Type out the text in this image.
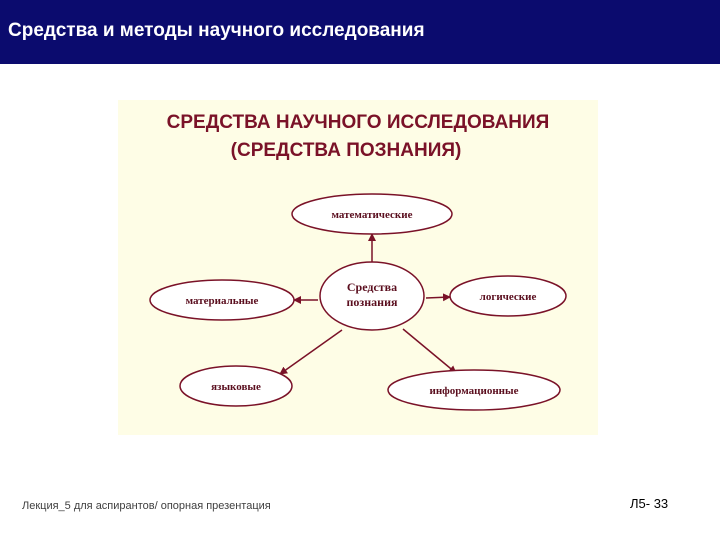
Средства и методы научного исследования
СРЕДСТВА НАУЧНОГО ИССЛЕДОВАНИЯ
(СРЕДСТВА ПОЗНАНИЯ)
Средства
познания
математические
материальные	логические
языковые	информационные
Лекция_5 для аспирантов/ опорная презентация	Л5- 33
